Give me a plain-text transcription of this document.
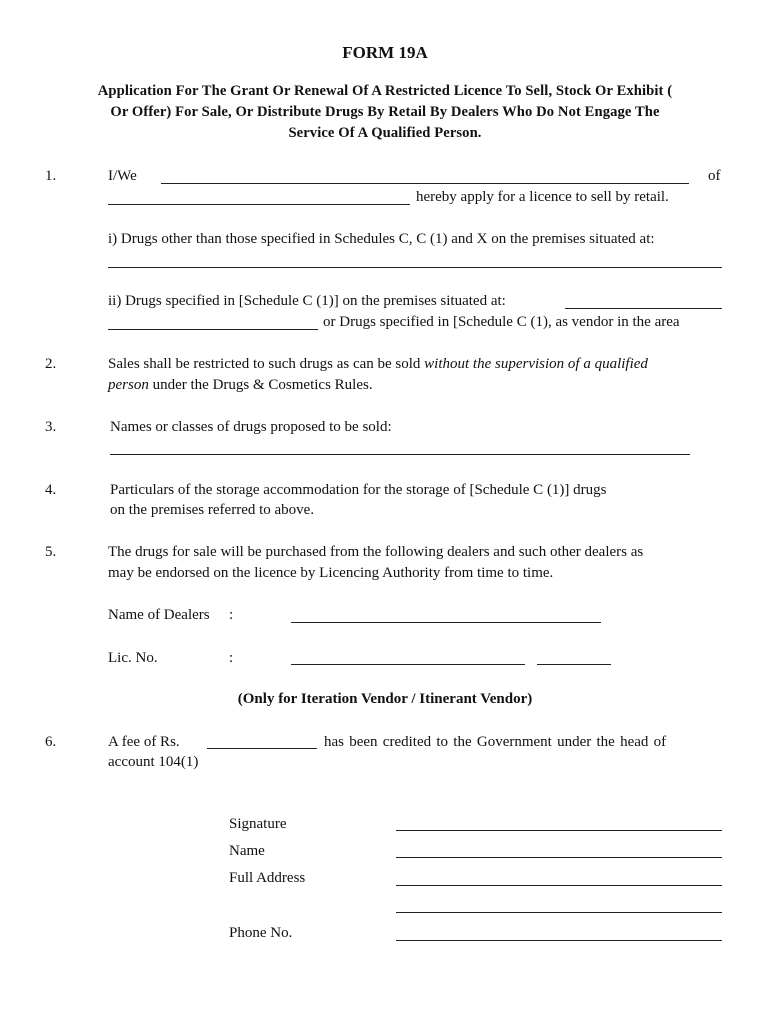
FORM 19A
Application For The Grant Or Renewal Of A Restricted Licence To Sell, Stock Or Exhibit (
Or Offer) For Sale, Or Distribute Drugs By Retail By Dealers Who Do Not Engage The
Service Of A Qualified Person.
1.	I/We	of
hereby apply for a licence to sell by retail.
i) Drugs other than those specified in Schedules C, C (1) and X on the premises situated at:
ii) Drugs specified in [Schedule C (1)] on the premises situated at:
or Drugs specified in [Schedule C (1), as vendor in the area
2.	Sales shall be restricted to such drugs as can be sold without the supervision of a qualified
person under the Drugs & Cosmetics Rules.
3.	Names or classes of drugs proposed to be sold:
4.	Particulars of the storage accommodation for the storage of [Schedule C (1)] drugs
on the premises referred to above.
5.	The drugs for sale will be purchased from the following dealers and such other dealers as
may be endorsed on the licence by Licencing Authority from time to time.
Name of Dealers :
Lic. No.	:
(Only for Iteration Vendor / Itinerant Vendor)
6.	A fee of Rs.	has been credited to the Government under the head of
account 104(1)
Signature
Name
Full Address
Phone No.
